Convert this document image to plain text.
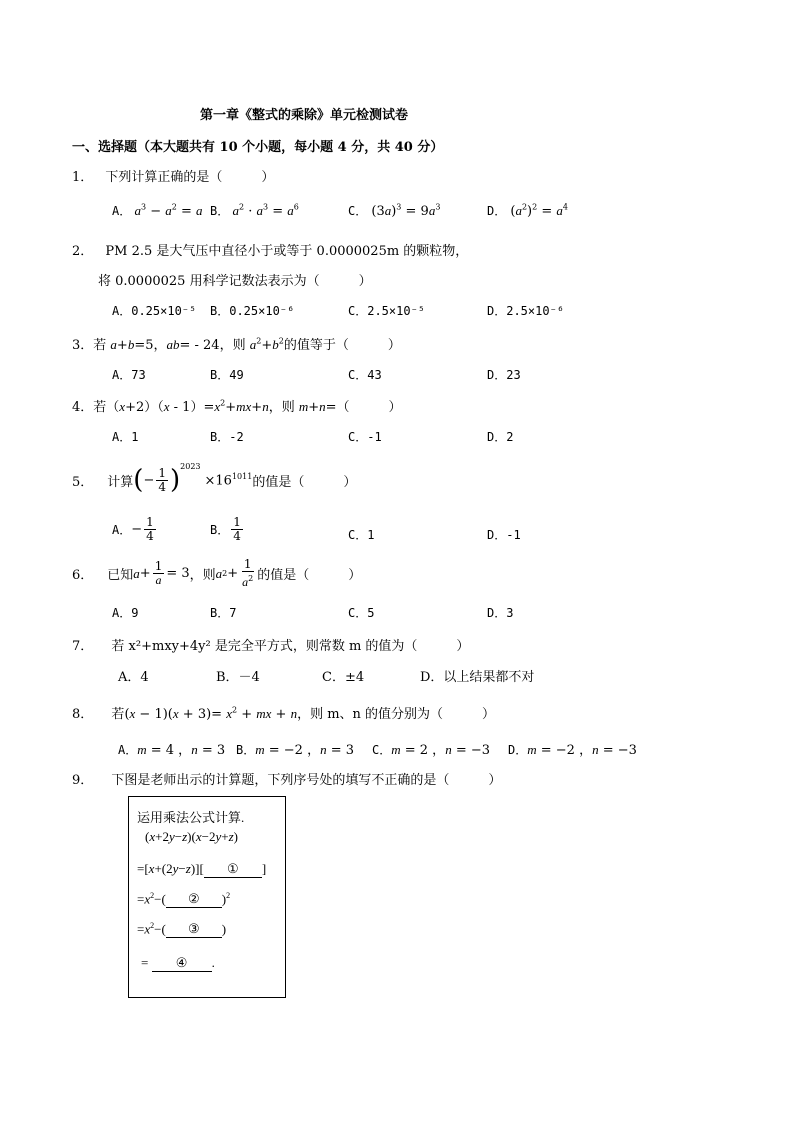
第一章《整式的乘除》单元检测试卷
一、选择题（本大题共有 10 个小题，每小题 4 分，共 40 分）
1． 下列计算正确的是（　　　）
A． $a^3 - a^2 = a$ B． $a^2 \cdot a^3 = a^6$	C． $(3a)^3 = 9a^3$	D． $(a^2)^2 = a^4$
2． PM 2.5 是大气压中直径小于或等于 0.0000025m 的颗粒物，
将 0.0000025 用科学记数法表示为（　　　）
A．0.25×10⁻⁵ B．0.25×10⁻⁶	C．2.5×10⁻⁵	D．2.5×10⁻⁶
3．若 a+b=5，ab= - 24，则 $a^2+b^2$的值等于（　　　）
A．73	B．49	C．43	D．23
4．若$(x+2)(x - 1)=x^2+mx+n$，则 m+n=（　　　）
A．1	B．-2	C．-1	D．2
5． 计算 ( − $\frac{1}{4} )^{2023}$
$\times 16^{1011}$ 的值是（　　　）
A． − $\frac{1}{4}$	B． $\frac{1}{4}$	C．1	D．-1
6． 已知 $a + \frac{1}{a} = 3$ ，则 a $2 + \frac{1}{a^2}$ 的值是（　　　）
A．9	B．7	C．5	D．3
7． 若 x²+mxy+4y² 是完全平方式，则常数 m 的值为（　　　）
A．4	B．－4	C．±4	D．以上结果都不对
8． 若$(x - 1)(x + 3)= x^2$ + mx + n，则 m、n 的值分别为（　　　）
A．m = 4 ，n = 3 B．m = −2 ，n = 3 C．m = 2 ，n = −3 D．m = −2 ，n = −3
9． 下图是老师出示的计算题，下列序号处的填写不正确的是（　　　）
运用乘法公式计算.
(x+2y−z)(x−2y+z)
=[x+(2y−z)][ ① ]
$=x^2-$( ② )$^2$
$=x^2-$( ③ )
= ④ .
